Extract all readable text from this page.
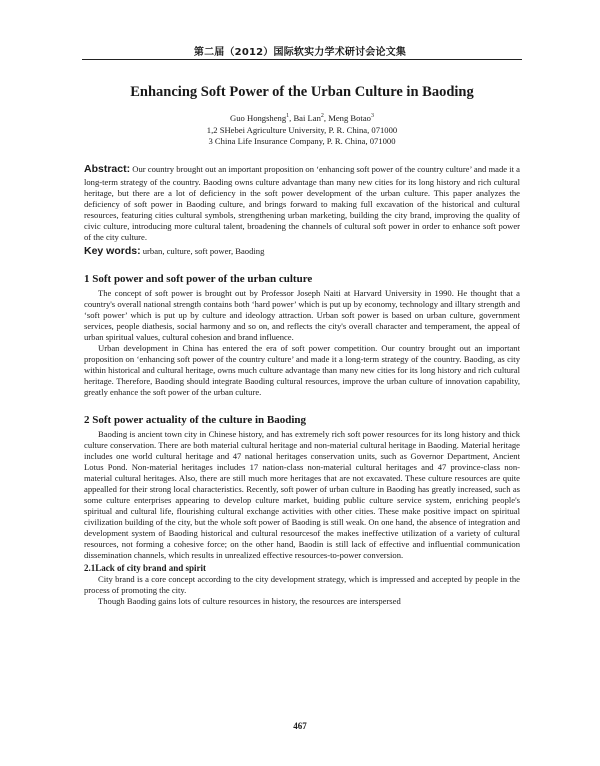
第二届（2012）国际软实力学术研讨会论文集
Enhancing Soft Power of the Urban Culture in Baoding
Guo Hongsheng$^1$, Bai Lan$^2$, Meng Botao$^3$
1,2 SHebei Agriculture University, P. R. China, 071000
3 China Life Insurance Company, P. R. China, 071000
Abstract: Our country brought out an important proposition on ‘enhancing soft power of the country culture’ and made it a long-term strategy of the country. Baoding owns culture advantage than many new cities for its long history and rich cultural heritage, but there are a lot of deficiency in the soft power development of the urban culture. This paper analyzes the deficiency of soft power in Baoding culture, and brings forward to making full excavation of the historical and cultural resources, featuring cities cultural symbols, strengthening urban marketing, building the city brand, improving the quality of civic culture, introducing more cultural talent, broadening the channels of cultural soft power in order to enhance soft power of the city culture.
Key words: urban, culture, soft power, Baoding
1 Soft power and soft power of the urban culture

The concept of soft power is brought out by Professor Joseph Naiti at Harvard University in 1990. He thought that a country's overall national strength contains both ‘hard power’ which is put up by economy, technology and illtary strength and ‘soft power’ which is put up by culture and ideology attraction. Urban soft power is based on urban culture, government services, people diathesis, social harmony and so on, and reflects the city's overall character and temperament, the appeal of urban spiritual values, cultural cohesion and brand influence.

Urban development in China has entered the era of soft power competition. Our country brought out an important proposition on ‘enhancing soft power of the country culture’ and made it a long-term strategy of the country. Baoding, as city within historical and cultural heritage, owns much culture advantage than many new cities for its long history and rich cultural heritage. Therefore, Baoding should integrate Baoding cultural resources, improve the urban culture of innovation capability, greatly enhance the soft power of the urban culture.

2 Soft power actuality of the culture in Baoding

Baoding is ancient town city in Chinese history, and has extremely rich soft power resources for its long history and thick culture conservation. There are both material cultural heritage and non-material cultural heritage in Baoding. Material heritage includes one world cultural heritage and 47 national heritages conservation units, such as Governor Department, Ancient Lotus Pond. Non-material heritages includes 17 nation-class non-material cultural heritages and 47 province-class non-material cultural heritages. Also, there are still much more heritages that are not excavated. These culture resources are quite appealled for their strong local characteristics. Recently, soft power of urban culture in Baoding has greatly increased, such as some culture enterprises appearing to develop culture market, buiding public culture service system, enriching people's spiritual and cultural life, flourishing cultural exchange activities with other cities. These make positive impact on spiritual civilization building of the city, but the whole soft power of Baoding is still weak. On one hand, the absence of integration and development system of Baoding historical and cultural resourcesof the makes ineffective utilization of a variety of cultural resources, not forming a cohesive force; on the other hand, Baodin is still lack of effective and influential communication dissemination channels, which results in unrealized effective resources-to-power conversion.

2.1Lack of city brand and spirit

City brand is a core concept according to the city development strategy, which is impressed and accepted by people in the process of promoting the city.

Though Baoding gains lots of culture resources in history, the resources are interspersed

467
